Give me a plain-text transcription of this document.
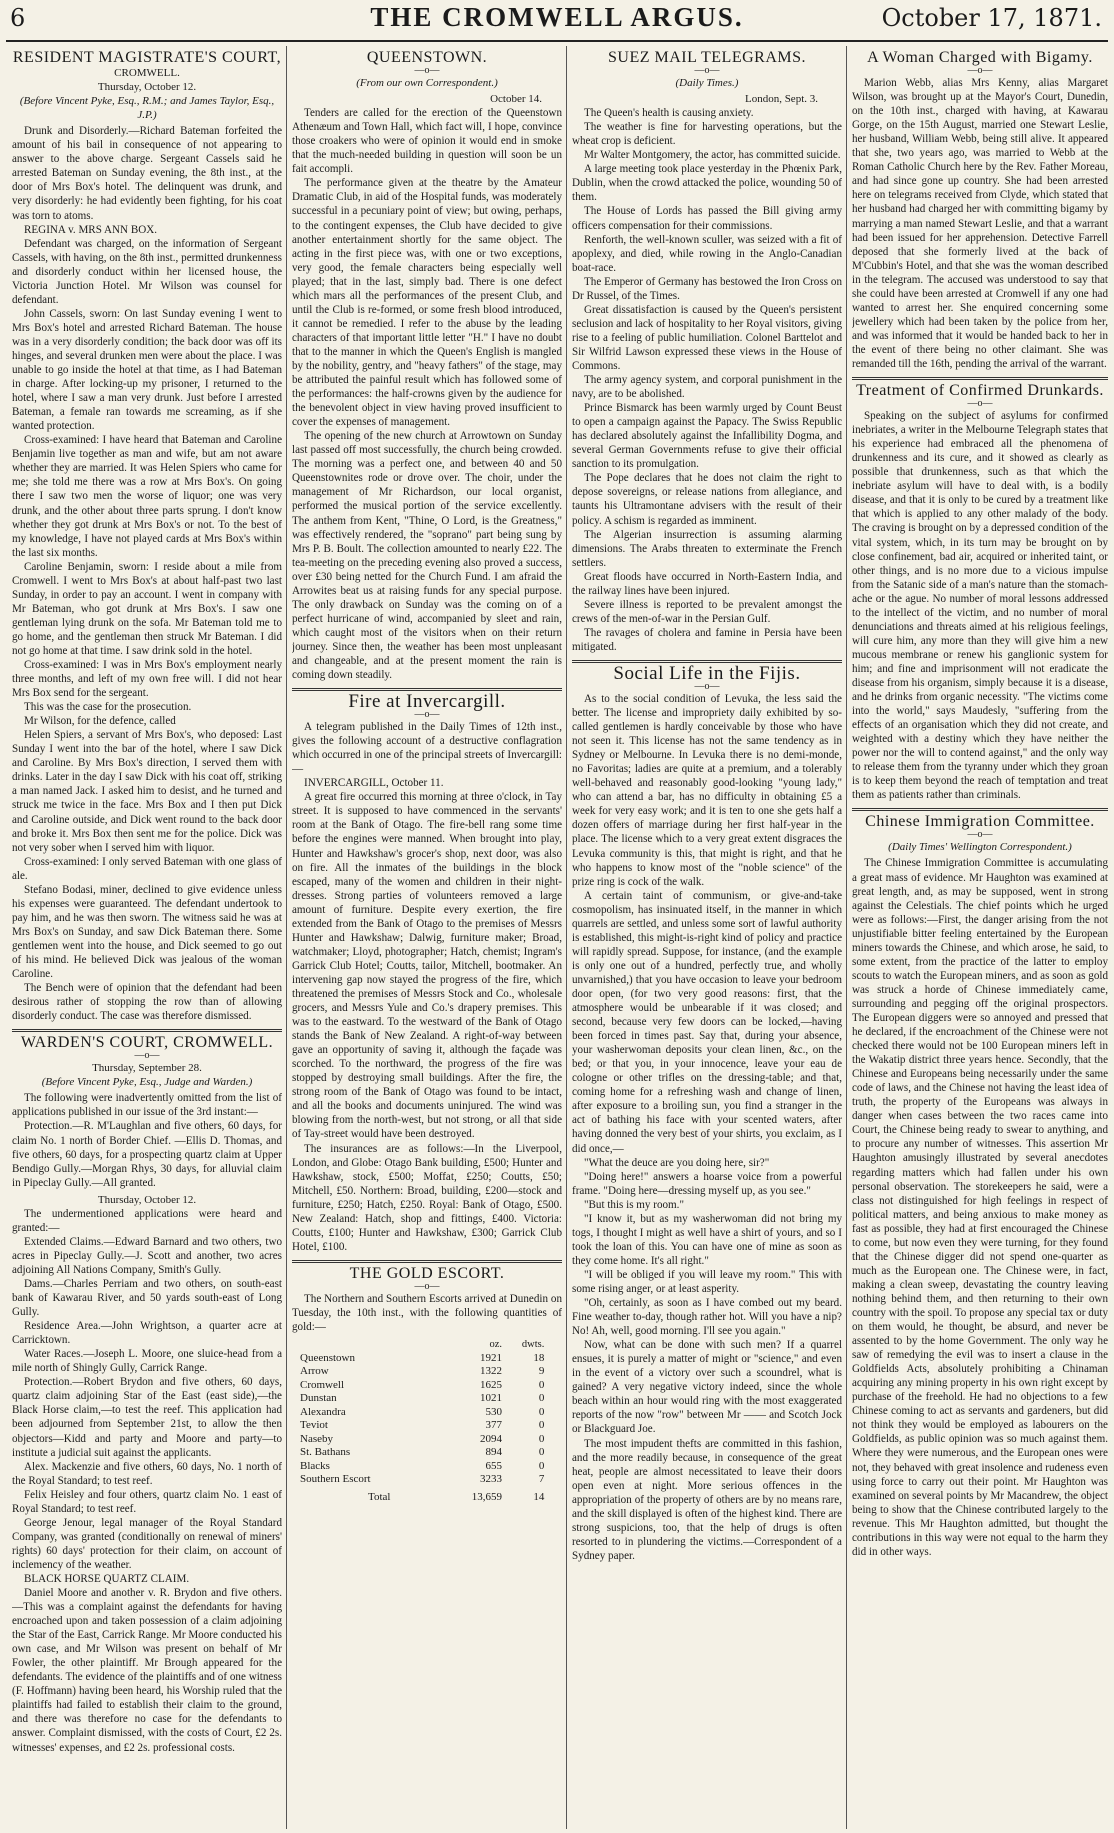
6	THE CROMWELL ARGUS.	October 17, 1871.
RESIDENT MAGISTRATE'S COURT,
CROMWELL.
Thursday, October 12.
(Before Vincent Pyke, Esq., R.M.; and James Taylor, Esq., J.P.)

Drunk and Disorderly.—Richard Bateman forfeited the amount of his bail in consequence of not appearing to answer to the above charge. Sergeant Cassels said he arrested Bateman on Sunday evening, the 8th inst., at the door of Mrs Box's hotel. The delinquent was drunk, and very disorderly: he had evidently been fighting, for his coat was torn to atoms.

REGINA v. MRS ANN BOX.

Defendant was charged, on the information of Sergeant Cassels, with having, on the 8th inst., permitted drunkenness and disorderly conduct within her licensed house, the Victoria Junction Hotel. Mr Wilson was counsel for defendant.

John Cassels, sworn: On last Sunday evening I went to Mrs Box's hotel and arrested Richard Bateman. The house was in a very disorderly condition; the back door was off its hinges, and several drunken men were about the place. I was unable to go inside the hotel at that time, as I had Bateman in charge. After locking-up my prisoner, I returned to the hotel, where I saw a man very drunk. Just before I arrested Bateman, a female ran towards me screaming, as if she wanted protection.

Cross-examined: I have heard that Bateman and Caroline Benjamin live together as man and wife, but am not aware whether they are married. It was Helen Spiers who came for me; she told me there was a row at Mrs Box's. On going there I saw two men the worse of liquor; one was very drunk, and the other about three parts sprung. I don't know whether they got drunk at Mrs Box's or not. To the best of my knowledge, I have not played cards at Mrs Box's within the last six months.

Caroline Benjamin, sworn: I reside about a mile from Cromwell. I went to Mrs Box's at about half-past two last Sunday, in order to pay an account. I went in company with Mr Bateman, who got drunk at Mrs Box's. I saw one gentleman lying drunk on the sofa. Mr Bateman told me to go home, and the gentleman then struck Mr Bateman. I did not go home at that time. I saw drink sold in the hotel.

Cross-examined: I was in Mrs Box's employment nearly three months, and left of my own free will. I did not hear Mrs Box send for the sergeant.

This was the case for the prosecution.

Mr Wilson, for the defence, called

Helen Spiers, a servant of Mrs Box's, who deposed: Last Sunday I went into the bar of the hotel, where I saw Dick and Caroline. By Mrs Box's direction, I served them with drinks. Later in the day I saw Dick with his coat off, striking a man named Jack. I asked him to desist, and he turned and struck me twice in the face. Mrs Box and I then put Dick and Caroline outside, and Dick went round to the back door and broke it. Mrs Box then sent me for the police. Dick was not very sober when I served him with liquor.

Cross-examined: I only served Bateman with one glass of ale.

Stefano Bodasi, miner, declined to give evidence unless his expenses were guaranteed. The defendant undertook to pay him, and he was then sworn. The witness said he was at Mrs Box's on Sunday, and saw Dick Bateman there. Some gentlemen went into the house, and Dick seemed to go out of his mind. He believed Dick was jealous of the woman Caroline.

The Bench were of opinion that the defendant had been desirous rather of stopping the row than of allowing disorderly conduct. The case was therefore dismissed.

WARDEN'S COURT, CROMWELL.
—o—
Thursday, September 28.
(Before Vincent Pyke, Esq., Judge and Warden.)

The following were inadvertently omitted from the list of applications published in our issue of the 3rd instant:—

Protection.—R. M'Laughlan and five others, 60 days, for claim No. 1 north of Border Chief. —Ellis D. Thomas, and five others, 60 days, for a prospecting quartz claim at Upper Bendigo Gully.—Morgan Rhys, 30 days, for alluvial claim in Pipeclay Gully.—All granted.

Thursday, October 12.

The undermentioned applications were heard and granted:—

Extended Claims.—Edward Barnard and two others, two acres in Pipeclay Gully.—J. Scott and another, two acres adjoining All Nations Company, Smith's Gully.

Dams.—Charles Perriam and two others, on south-east bank of Kawarau River, and 50 yards south-east of Long Gully.

Residence Area.—John Wrightson, a quarter acre at Carricktown.

Water Races.—Joseph L. Moore, one sluice-head from a mile north of Shingly Gully, Carrick Range.

Protection.—Robert Brydon and five others, 60 days, quartz claim adjoining Star of the East (east side),—the Black Horse claim,—to test the reef. This application had been adjourned from September 21st, to allow the then objectors—Kidd and party and Moore and party—to institute a judicial suit against the applicants.

Alex. Mackenzie and five others, 60 days, No. 1 north of the Royal Standard; to test reef.

Felix Heisley and four others, quartz claim No. 1 east of Royal Standard; to test reef.

George Jenour, legal manager of the Royal Standard Company, was granted (conditionally on renewal of miners' rights) 60 days' protection for their claim, on account of inclemency of the weather.

BLACK HORSE QUARTZ CLAIM.

Daniel Moore and another v. R. Brydon and five others.—This was a complaint against the defendants for having encroached upon and taken possession of a claim adjoining the Star of the East, Carrick Range. Mr Moore conducted his own case, and Mr Wilson was present on behalf of Mr Fowler, the other plaintiff. Mr Brough appeared for the defendants. The evidence of the plaintiffs and of one witness (F. Hoffmann) having been heard, his Worship ruled that the plaintiffs had failed to establish their claim to the ground, and there was therefore no case for the defendants to answer. Complaint dismissed, with the costs of Court, £2 2s. witnesses' expenses, and £2 2s. professional costs.

QUEENSTOWN.
—o—
(From our own Correspondent.)
October 14.

Tenders are called for the erection of the Queenstown Athenæum and Town Hall, which fact will, I hope, convince those croakers who were of opinion it would end in smoke that the much-needed building in question will soon be un fait accompli.

The performance given at the theatre by the Amateur Dramatic Club, in aid of the Hospital funds, was moderately successful in a pecuniary point of view; but owing, perhaps, to the contingent expenses, the Club have decided to give another entertainment shortly for the same object. The acting in the first piece was, with one or two exceptions, very good, the female characters being especially well played; that in the last, simply bad. There is one defect which mars all the performances of the present Club, and until the Club is re-formed, or some fresh blood introduced, it cannot be remedied. I refer to the abuse by the leading characters of that important little letter "H." I have no doubt that to the manner in which the Queen's English is mangled by the nobility, gentry, and "heavy fathers" of the stage, may be attributed the painful result which has followed some of the performances: the half-crowns given by the audience for the benevolent object in view having proved insufficient to cover the expenses of management.

The opening of the new church at Arrowtown on Sunday last passed off most successfully, the church being crowded. The morning was a perfect one, and between 40 and 50 Queenstownites rode or drove over. The choir, under the management of Mr Richardson, our local organist, performed the musical portion of the service excellently. The anthem from Kent, "Thine, O Lord, is the Greatness," was effectively rendered, the "soprano" part being sung by Mrs P. B. Boult. The collection amounted to nearly £22. The tea-meeting on the preceding evening also proved a success, over £30 being netted for the Church Fund. I am afraid the Arrowites beat us at raising funds for any special purpose. The only drawback on Sunday was the coming on of a perfect hurricane of wind, accompanied by sleet and rain, which caught most of the visitors when on their return journey. Since then, the weather has been most unpleasant and changeable, and at the present moment the rain is coming down steadily.

Fire at Invercargill.
—o—

A telegram published in the Daily Times of 12th inst., gives the following account of a destructive conflagration which occurred in one of the principal streets of Invercargill:—

INVERCARGILL, October 11.

A great fire occurred this morning at three o'clock, in Tay street. It is supposed to have commenced in the servants' room at the Bank of Otago. The fire-bell rang some time before the engines were manned. When brought into play, Hunter and Hawkshaw's grocer's shop, next door, was also on fire. All the inmates of the buildings in the block escaped, many of the women and children in their night-dresses. Strong parties of volunteers removed a large amount of furniture. Despite every exertion, the fire extended from the Bank of Otago to the premises of Messrs Hunter and Hawkshaw; Dalwig, furniture maker; Broad, watchmaker; Lloyd, photographer; Hatch, chemist; Ingram's Garrick Club Hotel; Coutts, tailor, Mitchell, bootmaker. An intervening gap now stayed the progress of the fire, which threatened the premises of Messrs Stock and Co., wholesale grocers, and Messrs Yule and Co.'s drapery premises. This was to the eastward. To the westward of the Bank of Otago stands the Bank of New Zealand. A right-of-way between gave an opportunity of saving it, although the façade was scorched. To the northward, the progress of the fire was stopped by destroying small buildings. After the fire, the strong room of the Bank of Otago was found to be intact, and all the books and documents uninjured. The wind was blowing from the north-west, but not strong, or all that side of Tay-street would have been destroyed.

The insurances are as follows:—In the Liverpool, London, and Globe: Otago Bank building, £500; Hunter and Hawkshaw, stock, £500; Moffat, £250; Coutts, £50; Mitchell, £50. Northern: Broad, building, £200—stock and furniture, £250; Hatch, £250. Royal: Bank of Otago, £500. New Zealand: Hatch, shop and fittings, £400. Victoria: Coutts, £100; Hunter and Hawkshaw, £300; Garrick Club Hotel, £100.

THE GOLD ESCORT.
—o—

The Northern and Southern Escorts arrived at Dunedin on Tuesday, the 10th inst., with the following quantities of gold:—

	oz.	dwts.
Queenstown	1921	18
Arrow	1322	9
Cromwell	1625	0
Dunstan	1021	0
Alexandra	530	0
Teviot	377	0
Naseby	2094	0
St. Bathans	894	0
Blacks	655	0
Southern Escort	3233	7
Total	13,659	14
SUEZ MAIL TELEGRAMS.
—o—
(Daily Times.)
London, Sept. 3.

The Queen's health is causing anxiety.

The weather is fine for harvesting operations, but the wheat crop is deficient.

Mr Walter Montgomery, the actor, has committed suicide.

A large meeting took place yesterday in the Phœnix Park, Dublin, when the crowd attacked the police, wounding 50 of them.

The House of Lords has passed the Bill giving army officers compensation for their commissions.

Renforth, the well-known sculler, was seized with a fit of apoplexy, and died, while rowing in the Anglo-Canadian boat-race.

The Emperor of Germany has bestowed the Iron Cross on Dr Russel, of the Times.

Great dissatisfaction is caused by the Queen's persistent seclusion and lack of hospitality to her Royal visitors, giving rise to a feeling of public humiliation. Colonel Barttelot and Sir Wilfrid Lawson expressed these views in the House of Commons.

The army agency system, and corporal punishment in the navy, are to be abolished.

Prince Bismarck has been warmly urged by Count Beust to open a campaign against the Papacy. The Swiss Republic has declared absolutely against the Infallibility Dogma, and several German Governments refuse to give their official sanction to its promulgation.

The Pope declares that he does not claim the right to depose sovereigns, or release nations from allegiance, and taunts his Ultramontane advisers with the result of their policy. A schism is regarded as imminent.

The Algerian insurrection is assuming alarming dimensions. The Arabs threaten to exterminate the French settlers.

Great floods have occurred in North-Eastern India, and the railway lines have been injured.

Severe illness is reported to be prevalent amongst the crews of the men-of-war in the Persian Gulf.

The ravages of cholera and famine in Persia have been mitigated.

Social Life in the Fijis.
—o—

As to the social condition of Levuka, the less said the better. The license and impropriety daily exhibited by so-called gentlemen is hardly conceivable by those who have not seen it. This license has not the same tendency as in Sydney or Melbourne. In Levuka there is no demi-monde, no Favoritas; ladies are quite at a premium, and a tolerably well-behaved and reasonably good-looking "young lady," who can attend a bar, has no difficulty in obtaining £5 a week for very easy work; and it is ten to one she gets half a dozen offers of marriage during her first half-year in the place. The license which to a very great extent disgraces the Levuka community is this, that might is right, and that he who happens to know most of the "noble science" of the prize ring is cock of the walk.

A certain taint of communism, or give-and-take cosmopolism, has insinuated itself, in the manner in which quarrels are settled, and unless some sort of lawful authority is established, this might-is-right kind of policy and practice will rapidly spread. Suppose, for instance, (and the example is only one out of a hundred, perfectly true, and wholly unvarnished,) that you have occasion to leave your bedroom door open, (for two very good reasons: first, that the atmosphere would be unbearable if it was closed; and second, because very few doors can be locked,—having been forced in times past. Say that, during your absence, your washerwoman deposits your clean linen, &c., on the bed; or that you, in your innocence, leave your eau de cologne or other trifles on the dressing-table; and that, coming home for a refreshing wash and change of linen, after exposure to a broiling sun, you find a stranger in the act of bathing his face with your scented waters, after having donned the very best of your shirts, you exclaim, as I did once,—

"What the deuce are you doing here, sir?"

"Doing here!" answers a hoarse voice from a powerful frame. "Doing here—dressing myself up, as you see."

"But this is my room."

"I know it, but as my washerwoman did not bring my togs, I thought I might as well have a shirt of yours, and so I took the loan of this. You can have one of mine as soon as they come home. It's all right."

"I will be obliged if you will leave my room." This with some rising anger, or at least asperity.

"Oh, certainly, as soon as I have combed out my beard. Fine weather to-day, though rather hot. Will you have a nip? No! Ah, well, good morning. I'll see you again."

Now, what can be done with such men? If a quarrel ensues, it is purely a matter of might or "science," and even in the event of a victory over such a scoundrel, what is gained? A very negative victory indeed, since the whole beach within an hour would ring with the most exaggerated reports of the now "row" between Mr —— and Scotch Jock or Blackguard Joe.

The most impudent thefts are committed in this fashion, and the more readily because, in consequence of the great heat, people are almost necessitated to leave their doors open even at night. More serious offences in the appropriation of the property of others are by no means rare, and the skill displayed is often of the highest kind. There are strong suspicions, too, that the help of drugs is often resorted to in plundering the victims.—Correspondent of a Sydney paper.

A Woman Charged with Bigamy.
—o—

Marion Webb, alias Mrs Kenny, alias Margaret Wilson, was brought up at the Mayor's Court, Dunedin, on the 10th inst., charged with having, at Kawarau Gorge, on the 15th August, married one Stewart Leslie, her husband, William Webb, being still alive. It appeared that she, two years ago, was married to Webb at the Roman Catholic Church here by the Rev. Father Moreau, and had since gone up country. She had been arrested here on telegrams received from Clyde, which stated that her husband had charged her with committing bigamy by marrying a man named Stewart Leslie, and that a warrant had been issued for her apprehension. Detective Farrell deposed that she formerly lived at the back of M'Cubbin's Hotel, and that she was the woman described in the telegram. The accused was understood to say that she could have been arrested at Cromwell if any one had wanted to arrest her. She enquired concerning some jewellery which had been taken by the police from her, and was informed that it would be handed back to her in the event of there being no other claimant. She was remanded till the 16th, pending the arrival of the warrant.

Treatment of Confirmed Drunkards.
—o—

Speaking on the subject of asylums for confirmed inebriates, a writer in the Melbourne Telegraph states that his experience had embraced all the phenomena of drunkenness and its cure, and it showed as clearly as possible that drunkenness, such as that which the inebriate asylum will have to deal with, is a bodily disease, and that it is only to be cured by a treatment like that which is applied to any other malady of the body. The craving is brought on by a depressed condition of the vital system, which, in its turn may be brought on by close confinement, bad air, acquired or inherited taint, or other things, and is no more due to a vicious impulse from the Satanic side of a man's nature than the stomach-ache or the ague. No number of moral lessons addressed to the intellect of the victim, and no number of moral denunciations and threats aimed at his religious feelings, will cure him, any more than they will give him a new mucous membrane or renew his ganglionic system for him; and fine and imprisonment will not eradicate the disease from his organism, simply because it is a disease, and he drinks from organic necessity. "The victims come into the world," says Maudesly, "suffering from the effects of an organisation which they did not create, and weighted with a destiny which they have neither the power nor the will to contend against," and the only way to release them from the tyranny under which they groan is to keep them beyond the reach of temptation and treat them as patients rather than criminals.

Chinese Immigration Committee.
—o—
(Daily Times' Wellington Correspondent.)

The Chinese Immigration Committee is accumulating a great mass of evidence. Mr Haughton was examined at great length, and, as may be supposed, went in strong against the Celestials. The chief points which he urged were as follows:—First, the danger arising from the not unjustifiable bitter feeling entertained by the European miners towards the Chinese, and which arose, he said, to some extent, from the practice of the latter to employ scouts to watch the European miners, and as soon as gold was struck a horde of Chinese immediately came, surrounding and pegging off the original prospectors. The European diggers were so annoyed and pressed that he declared, if the encroachment of the Chinese were not checked there would not be 100 European miners left in the Wakatip district three years hence. Secondly, that the Chinese and Europeans being necessarily under the same code of laws, and the Chinese not having the least idea of truth, the property of the Europeans was always in danger when cases between the two races came into Court, the Chinese being ready to swear to anything, and to procure any number of witnesses. This assertion Mr Haughton amusingly illustrated by several anecdotes regarding matters which had fallen under his own personal observation. The storekeepers he said, were a class not distinguished for high feelings in respect of political matters, and being anxious to make money as fast as possible, they had at first encouraged the Chinese to come, but now even they were turning, for they found that the Chinese digger did not spend one-quarter as much as the European one. The Chinese were, in fact, making a clean sweep, devastating the country leaving nothing behind them, and then returning to their own country with the spoil. To propose any special tax or duty on them would, he thought, be absurd, and never be assented to by the home Government. The only way he saw of remedying the evil was to insert a clause in the Goldfields Acts, absolutely prohibiting a Chinaman acquiring any mining property in his own right except by purchase of the freehold. He had no objections to a few Chinese coming to act as servants and gardeners, but did not think they would be employed as labourers on the Goldfields, as public opinion was so much against them. Where they were numerous, and the European ones were not, they behaved with great insolence and rudeness even using force to carry out their point. Mr Haughton was examined on several points by Mr Macandrew, the object being to show that the Chinese contributed largely to the revenue. This Mr Haughton admitted, but thought the contributions in this way were not equal to the harm they did in other ways.
